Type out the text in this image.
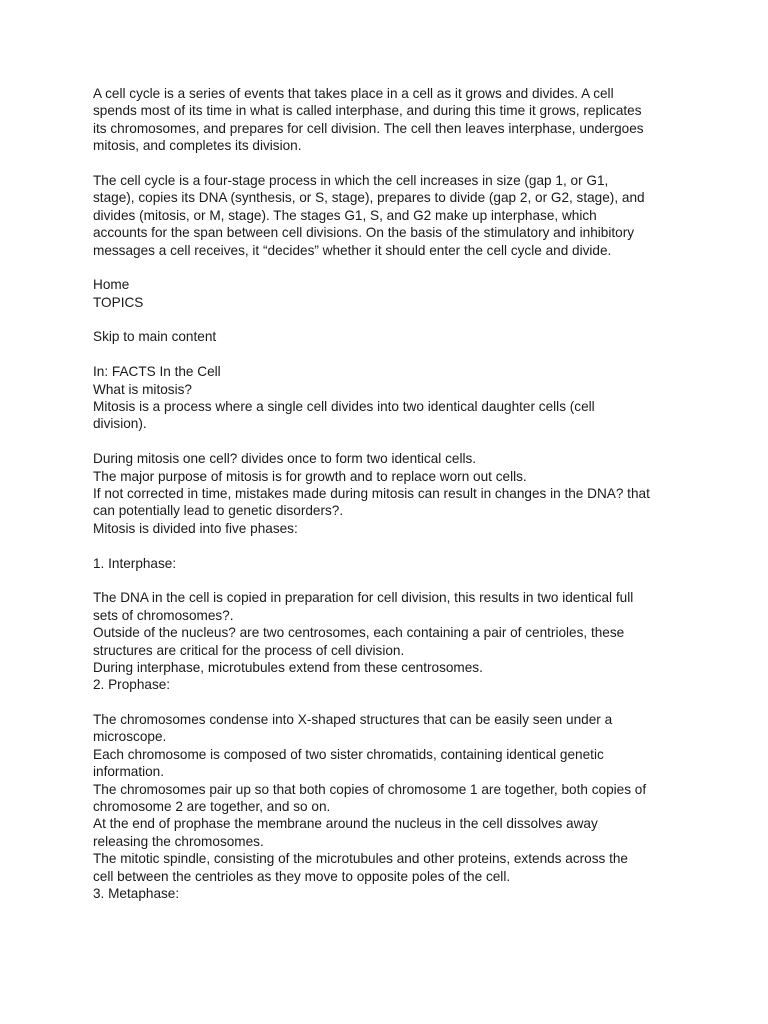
A cell cycle is a series of events that takes place in a cell as it grows and divides. A cell
spends most of its time in what is called interphase, and during this time it grows, replicates
its chromosomes, and prepares for cell division. The cell then leaves interphase, undergoes
mitosis, and completes its division.
The cell cycle is a four-stage process in which the cell increases in size (gap 1, or G1,
stage), copies its DNA (synthesis, or S, stage), prepares to divide (gap 2, or G2, stage), and
divides (mitosis, or M, stage). The stages G1, S, and G2 make up interphase, which
accounts for the span between cell divisions. On the basis of the stimulatory and inhibitory
messages a cell receives, it “decides” whether it should enter the cell cycle and divide.
Home
TOPICS
Skip to main content
In: FACTS In the Cell
What is mitosis?
Mitosis is a process where a single cell divides into two identical daughter cells (cell
division).
During mitosis one cell? divides once to form two identical cells.
The major purpose of mitosis is for growth and to replace worn out cells.
If not corrected in time, mistakes made during mitosis can result in changes in the DNA? that
can potentially lead to genetic disorders?.
Mitosis is divided into five phases:
1. Interphase:
The DNA in the cell is copied in preparation for cell division, this results in two identical full
sets of chromosomes?.
Outside of the nucleus? are two centrosomes, each containing a pair of centrioles, these
structures are critical for the process of cell division.
During interphase, microtubules extend from these centrosomes.
2. Prophase:
The chromosomes condense into X-shaped structures that can be easily seen under a
microscope.
Each chromosome is composed of two sister chromatids, containing identical genetic
information.
The chromosomes pair up so that both copies of chromosome 1 are together, both copies of
chromosome 2 are together, and so on.
At the end of prophase the membrane around the nucleus in the cell dissolves away
releasing the chromosomes.
The mitotic spindle, consisting of the microtubules and other proteins, extends across the
cell between the centrioles as they move to opposite poles of the cell.
3. Metaphase:
